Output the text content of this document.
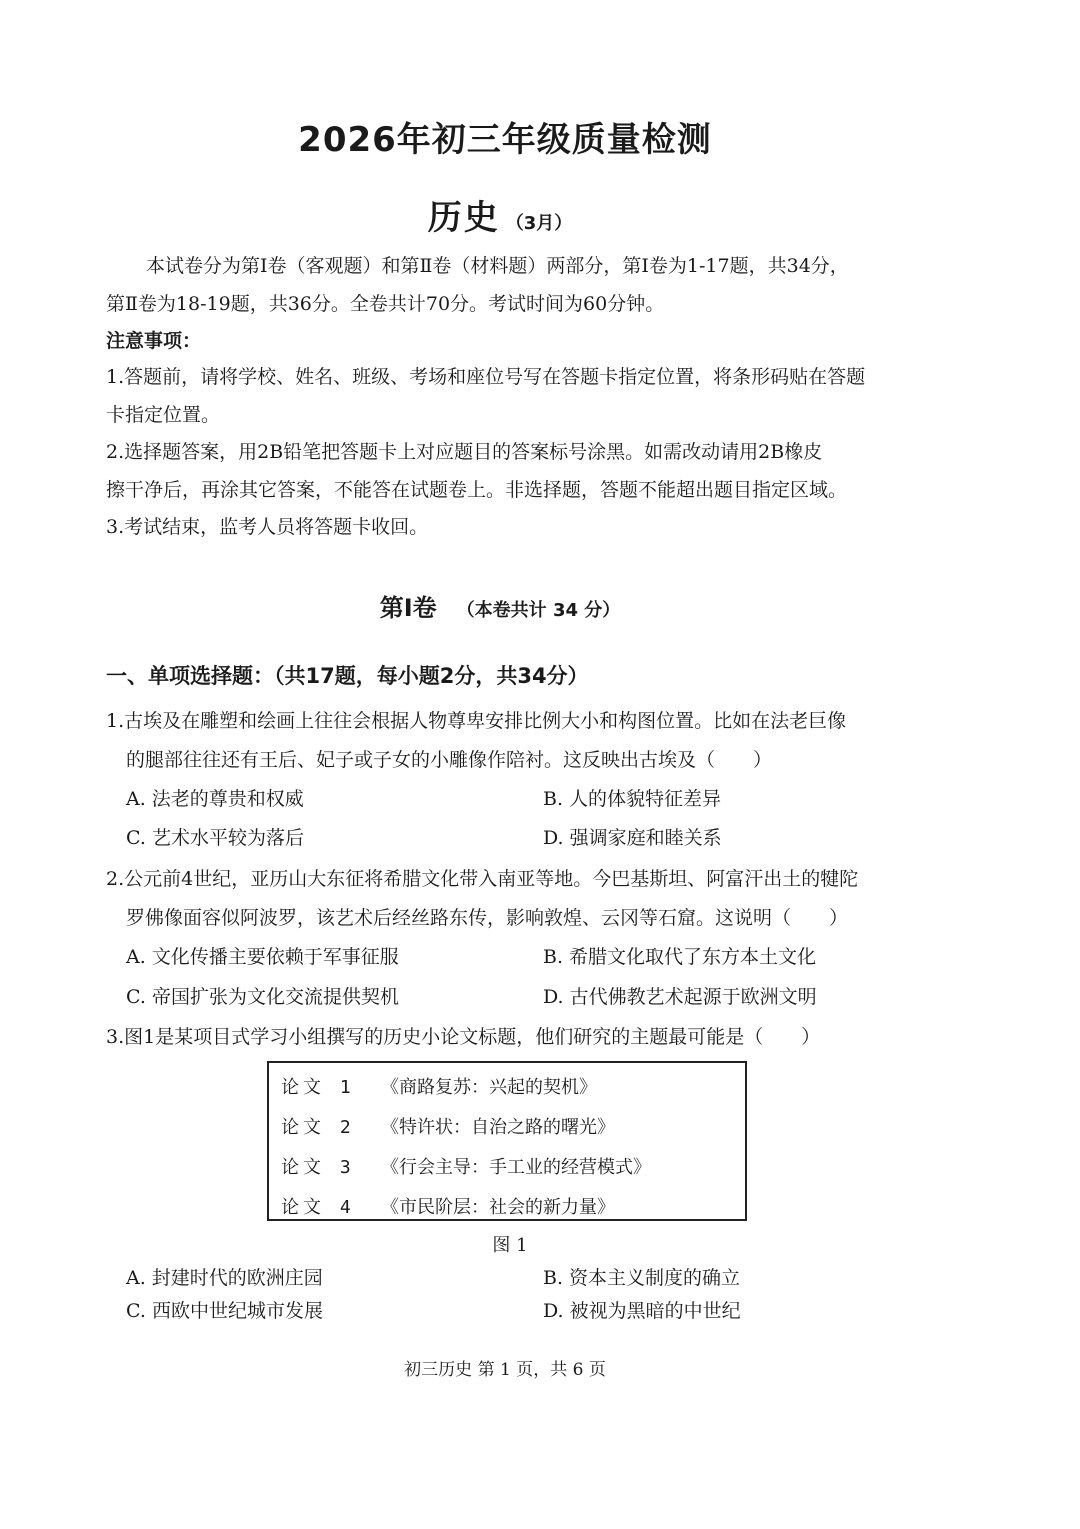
2026年初三年级质量检测
历史 （3月）
本试卷分为第Ⅰ卷（客观题）和第Ⅱ卷（材料题）两部分，第Ⅰ卷为1-17题，共34分，
第Ⅱ卷为18-19题，共36分。全卷共计70分。考试时间为60分钟。
注意事项：
1.答题前，请将学校、姓名、班级、考场和座位号写在答题卡指定位置，将条形码贴在答题
卡指定位置。
2.选择题答案，用2B铅笔把答题卡上对应题目的答案标号涂黑。如需改动请用2B橡皮
擦干净后，再涂其它答案，不能答在试题卷上。非选择题，答题不能超出题目指定区域。
3.考试结束，监考人员将答题卡收回。
第Ⅰ卷 （本卷共计 34 分）
一、单项选择题：（共17题，每小题2分，共34分）
1.古埃及在雕塑和绘画上往往会根据人物尊卑安排比例大小和构图位置。比如在法老巨像
的腿部往往还有王后、妃子或子女的小雕像作陪衬。这反映出古埃及（　　）
A. 法老的尊贵和权威	B. 人的体貌特征差异
C. 艺术水平较为落后	D. 强调家庭和睦关系
2.公元前4世纪，亚历山大东征将希腊文化带入南亚等地。今巴基斯坦、阿富汗出土的犍陀
罗佛像面容似阿波罗，该艺术后经丝路东传，影响敦煌、云冈等石窟。这说明（　　）
A. 文化传播主要依赖于军事征服	B. 希腊文化取代了东方本土文化
C. 帝国扩张为文化交流提供契机	D. 古代佛教艺术起源于欧洲文明
3.图1是某项目式学习小组撰写的历史小论文标题，他们研究的主题最可能是（　　）
论文 1 《商路复苏：兴起的契机》
论文 2 《特许状：自治之路的曙光》
论文 3 《行会主导：手工业的经营模式》
论文 4 《市民阶层：社会的新力量》
图 1
A. 封建时代的欧洲庄园	B. 资本主义制度的确立
C. 西欧中世纪城市发展	D. 被视为黑暗的中世纪
初三历史 第 1 页，共 6 页
